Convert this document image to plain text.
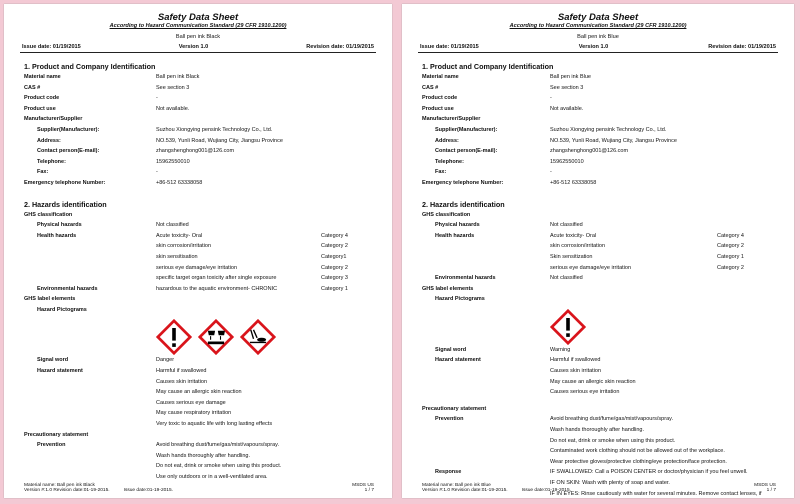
Safety Data Sheet
According to Hazard Communication Standard (29 CFR 1910.1200)
Ball pen ink Black
Issue date: 01/19/2015	Version 1.0	Revision date: 01/19/2015
1. Product and Company Identification
Material name	Ball pen ink Black
CAS #	See section 3
Product code	-
Product use	Not available.
Manufacturer/Supplier
Supplier(Manufacturer):	Suzhou Xiongying pensink Technology Co., Ltd.
Address:	NO.539, Yunli Road, Wujiang City, Jiangsu Province
Contact person(E-mail):	zhangshenghong001@126.com
Telephone:	15962550010
Fax:	-
Emergency telephone Number:	+86-512 63338058
2. Hazards identification
GHS classification
Physical hazards	Not classified
Health hazards	Acute toxicity- Oral	Category 4
skin corrosion/irritation	Category 2
skin sensitisation	Category1
serious eye damage/eye irritation	Category 2
specific target organ toxicity after single exposure	Category 3
Environmental hazards	hazardous to the aquatic environment- CHRONIC	Category 1
GHS label elements
Hazard Pictograms
Signal word	Danger
Hazard statement	Harmful if swallowed
Causes skin irritation
May cause an allergic skin reaction
Causes serious eye damage
May cause respiratory irritation
Very toxic to aquatic life with long lasting effects
Precautionary statement
Prevention	Avoid breathing dust/fume/gas/mist/vapours/spray.
Wash hands thoroughly after handling.
Do not eat, drink or smoke when using this product.
Use only outdoors or in a well-ventilated area.
Material name: Ball pen ink Black
Version #:1.0 Revision date:01-19-2015.	Issue date:01-19-2015.
MSDS US
1 / 7
Safety Data Sheet
According to Hazard Communication Standard (29 CFR 1910.1200)
Ball pen ink Blue
Issue date: 01/19/2015	Version 1.0	Revision date: 01/19/2015
1. Product and Company Identification
Material name	Ball pen ink Blue
CAS #	See section 3
Product code	-
Product use	Not available.
Manufacturer/Supplier
Supplier(Manufacturer):	Suzhou Xiongying pensink Technology Co., Ltd.
Address:	NO.539, Yunli Road, Wujiang City, Jiangsu Province
Contact person(E-mail):	zhangshenghong001@126.com
Telephone:	15962550010
Fax:	-
Emergency telephone Number:	+86-512 63338058
2. Hazards identification
GHS classification
Physical hazards	Not classified
Health hazards	Acute toxicity- Oral	Category 4
skin corrosion/irritation	Category 2
Skin sensitization	Category 1
serious eye damage/eye irritation	Category 2
Environmental hazards	Not classified
GHS label elements
Hazard Pictograms
Signal word	Warning
Hazard statement	Harmful if swallowed
Causes skin irritation
May cause an allergic skin reaction
Causes serious eye irritation
Precautionary statement
Prevention	Avoid breathing dust/fume/gas/mist/vapours/spray.
Wash hands thoroughly after handling.
Do not eat, drink or smoke when using this product.
Contaminated work clothing should not be allowed out of the workplace.
Wear protective gloves/protective clothing/eye protection/face protection.
Response	IF SWALLOWED: Call a POISON CENTER or doctor/physician if you feel unwell.
IF ON SKIN: Wash with plenty of soap and water.
IF IN EYES: Rinse cautiously with water for several minutes. Remove contact lenses, if
Material name: Ball pen ink Blue
Version #:1.0 Revision date:01-19-2015.	Issue date:01-19-2015.
MSDS US
1 / 7
